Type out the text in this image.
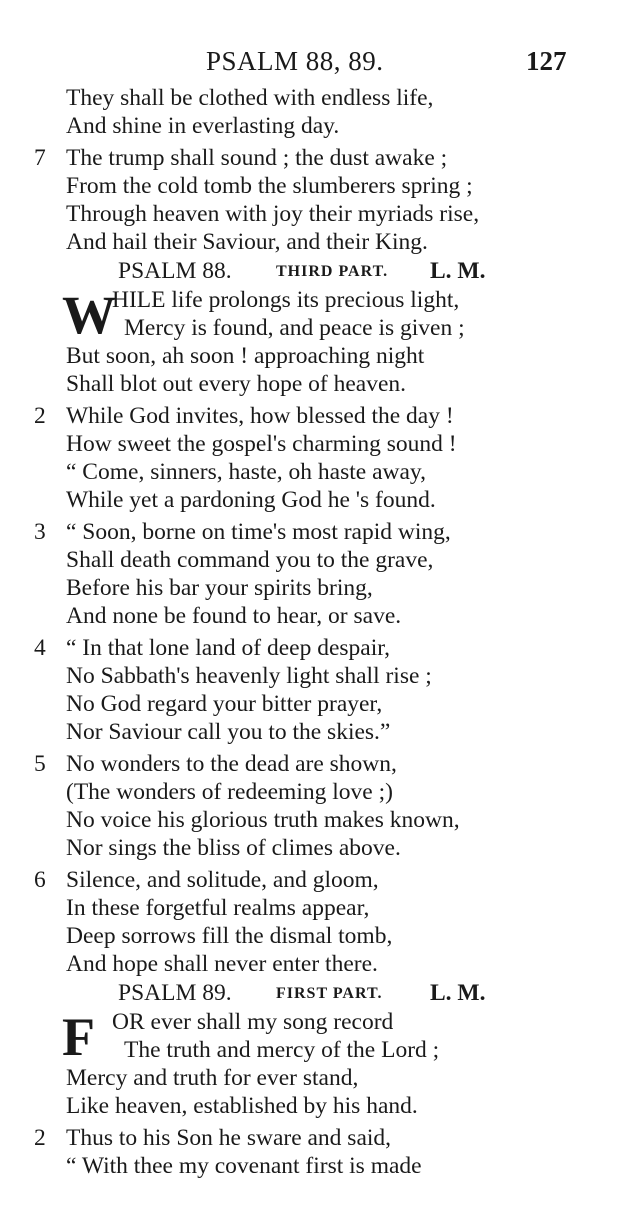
PSALM 88, 89.	127
They shall be clothed with endless life,
And shine in everlasting day.
7 The trump shall sound ; the dust awake ;
From the cold tomb the slumberers spring ;
Through heaven with joy their myriads rise,
And hail their Saviour, and their King.
PSALM 88.	THIRD PART. L. M.
W
HILE life prolongs its precious light,
Mercy is found, and peace is given ;
But soon, ah soon ! approaching night
Shall blot out every hope of heaven.
2 While God invites, how blessed the day !
How sweet the gospel's charming sound !
“ Come, sinners, haste, oh haste away,
While yet a pardoning God he 's found.
3 “ Soon, borne on time's most rapid wing,
Shall death command you to the grave,
Before his bar your spirits bring,
And none be found to hear, or save.
4 “ In that lone land of deep despair,
No Sabbath's heavenly light shall rise ;
No God regard your bitter prayer,
Nor Saviour call you to the skies.”
5 No wonders to the dead are shown,
(The wonders of redeeming love ;)
No voice his glorious truth makes known,
Nor sings the bliss of climes above.
6 Silence, and solitude, and gloom,
In these forgetful realms appear,
Deep sorrows fill the dismal tomb,
And hope shall never enter there.
PSALM 89.	FIRST PART. L. M.
F OR ever shall my song record
The truth and mercy of the Lord ;
Mercy and truth for ever stand,
Like heaven, established by his hand.
2 Thus to his Son he sware and said,
“ With thee my covenant first is made
